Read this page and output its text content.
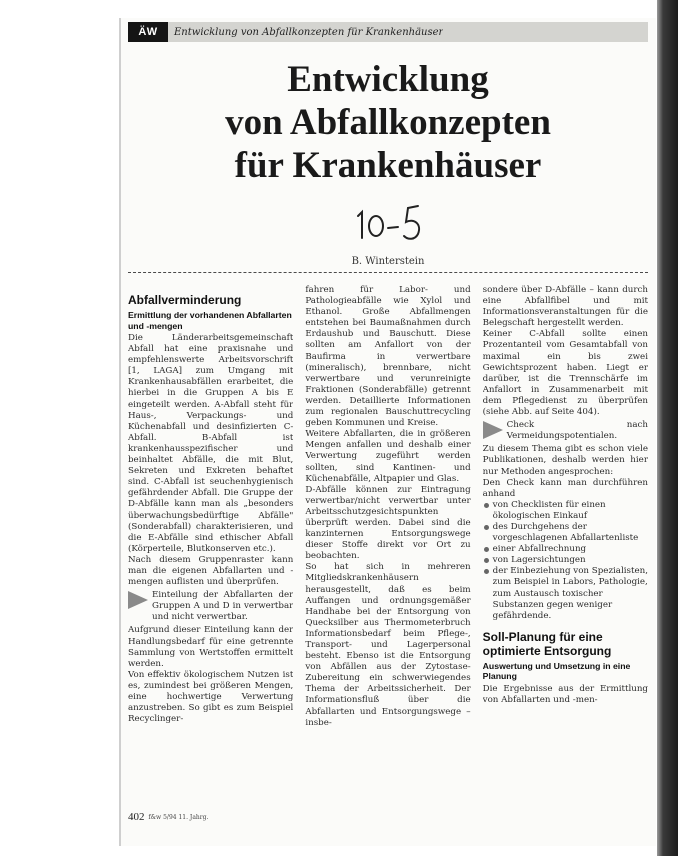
ÄW	Entwicklung von Abfallkonzepten für Krankenhäuser
Entwicklung
von Abfallkonzepten
für Krankenhäuser
B. Winterstein
Abfallverminderung
Ermittlung der vorhandenen Abfallarten und -mengen

Die Länderarbeitsgemeinschaft Abfall hat eine praxisnahe und empfehlenswerte Arbeitsvorschrift [1, LAGA] zum Umgang mit Krankenhausabfällen erarbeitet, die hierbei in die Gruppen A bis E eingeteilt werden. A-Abfall steht für Haus-, Verpackungs- und Küchenabfall und desinfizierten C-Abfall. B-Abfall ist krankenhausspezifischer und beinhaltet Abfälle, die mit Blut, Sekreten und Exkreten behaftet sind. C-Abfall ist seuchenhygienisch gefährdender Abfall. Die Gruppe der D-Abfälle kann man als „besonders überwachungsbedürftige Abfälle" (Sonderabfall) charakterisieren, und die E-Abfälle sind ethischer Abfall (Körperteile, Blutkonserven etc.).

Nach diesem Gruppenraster kann man die eigenen Abfallarten und -mengen auflisten und überprüfen.

Einteilung der Abfallarten der Gruppen A und D in verwertbar und nicht verwertbar.

Aufgrund dieser Einteilung kann der Handlungsbedarf für eine getrennte Sammlung von Wertstoffen ermittelt werden.

Von effektiv ökologischem Nutzen ist es, zumindest bei größeren Mengen, eine hochwertige Verwertung anzustreben. So gibt es zum Beispiel Recyclinger-

fahren für Labor- und Pathologieabfälle wie Xylol und Ethanol. Große Abfallmengen entstehen bei Baumaßnahmen durch Erdaushub und Bauschutt. Diese sollten am Anfallort von der Baufirma in verwertbare (mineralisch), brennbare, nicht verwertbare und verunreinigte Fraktionen (Sonderabfälle) getrennt werden. Detaillierte Informationen zum regionalen Bauschuttrecycling geben Kommunen und Kreise.

Weitere Abfallarten, die in größeren Mengen anfallen und deshalb einer Verwertung zugeführt werden sollten, sind Kantinen- und Küchenabfälle, Altpapier und Glas.

D-Abfälle können zur Eintragung verwertbar/nicht verwertbar unter Arbeitsschutzgesichtspunkten überprüft werden. Dabei sind die kanzinternen Entsorgungswege dieser Stoffe direkt vor Ort zu beobachten.

So hat sich in mehreren Mitgliedskrankenhäusern herausgestellt, daß es beim Auffangen und ordnungsgemäßer Handhabe bei der Entsorgung von Quecksilber aus Thermometerbruch Informationsbedarf beim Pflege-, Transport- und Lagerpersonal besteht. Ebenso ist die Entsorgung von Abfällen aus der Zytostase-Zubereitung ein schwerwiegendes Thema der Arbeitssicherheit. Der Informationsfluß über die Abfallarten und Entsorgungswege – insbe-

sondere über D-Abfälle – kann durch eine Abfallfibel und mit Informationsveranstaltungen für die Belegschaft hergestellt werden.

Keiner C-Abfall sollte einen Prozentanteil vom Gesamtabfall von maximal ein bis zwei Gewichtsprozent haben. Liegt er darüber, ist die Trennschärfe im Anfallort in Zusammenarbeit mit dem Pflegedienst zu überprüfen (siehe Abb. auf Seite 404).

Check nach Vermeidungspotentialen.

Zu diesem Thema gibt es schon viele Publikationen, deshalb werden hier nur Methoden angesprochen:

Den Check kann man durchführen anhand

von Checklisten für einen ökologischen Einkauf
des Durchgehens der vorgeschlagenen Abfallartenliste
einer Abfallrechnung
von Lagersichtungen
der Einbeziehung von Spezialisten, zum Beispiel in Labors, Pathologie, zum Austausch toxischer Substanzen gegen weniger gefährdende.
Soll-Planung für eine optimierte Entsorgung
Auswertung und Umsetzung in eine Planung

Die Ergebnisse aus der Ermittlung von Abfallarten und -men-

402 f&w 5/94 11. Jahrg.
